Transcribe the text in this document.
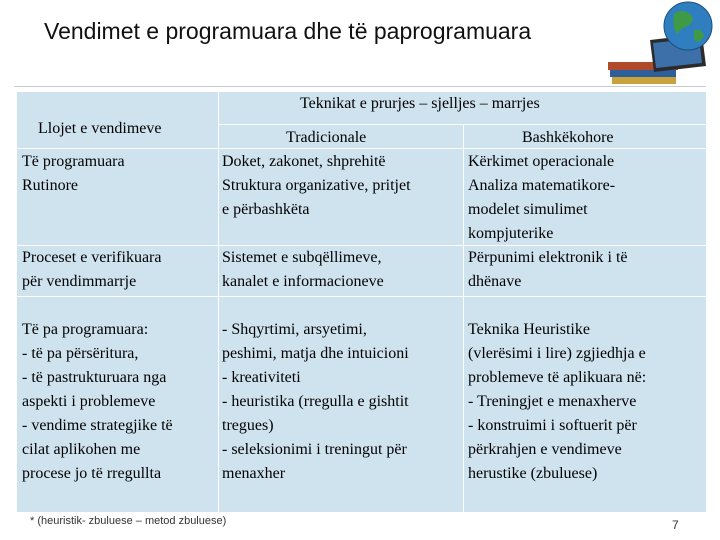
Vendimet e programuara dhe të paprogramuara
Teknikat e prurjes – sjelljes – marrjes
Llojet e vendimeve
Tradicionale	Bashkëkohore
Të programuara
Rutinore
Doket, zakonet, shprehitë
Struktura organizative, pritjet
e përbashkëta
Kërkimet operacionale
Analiza matematikore-
modelet simulimet
kompjuterike
Proceset e verifikuara
për vendimmarrje
Sistemet e subqëllimeve,
kanalet e informacioneve
Përpunimi elektronik i të
dhënave
Të pa programuara:
- të pa përsëritura,
- të pastrukturuara nga
aspekti i problemeve
- vendime strategjike të
cilat aplikohen me
procese jo të rregullta
- Shqyrtimi, arsyetimi,
peshimi, matja dhe intuicioni
- kreativiteti
- heuristika (rregulla e gishtit
tregues)
- seleksionimi i treningut për
menaxher
Teknika Heuristike
(vlerësimi i lire) zgjiedhja e
problemeve të aplikuara në:
- Treningjet e menaxherve
- konstruimi i softuerit për
përkrahjen e vendimeve
herustike (zbuluese)
* (heuristik- zbuluese – metod zbuluese)	7
